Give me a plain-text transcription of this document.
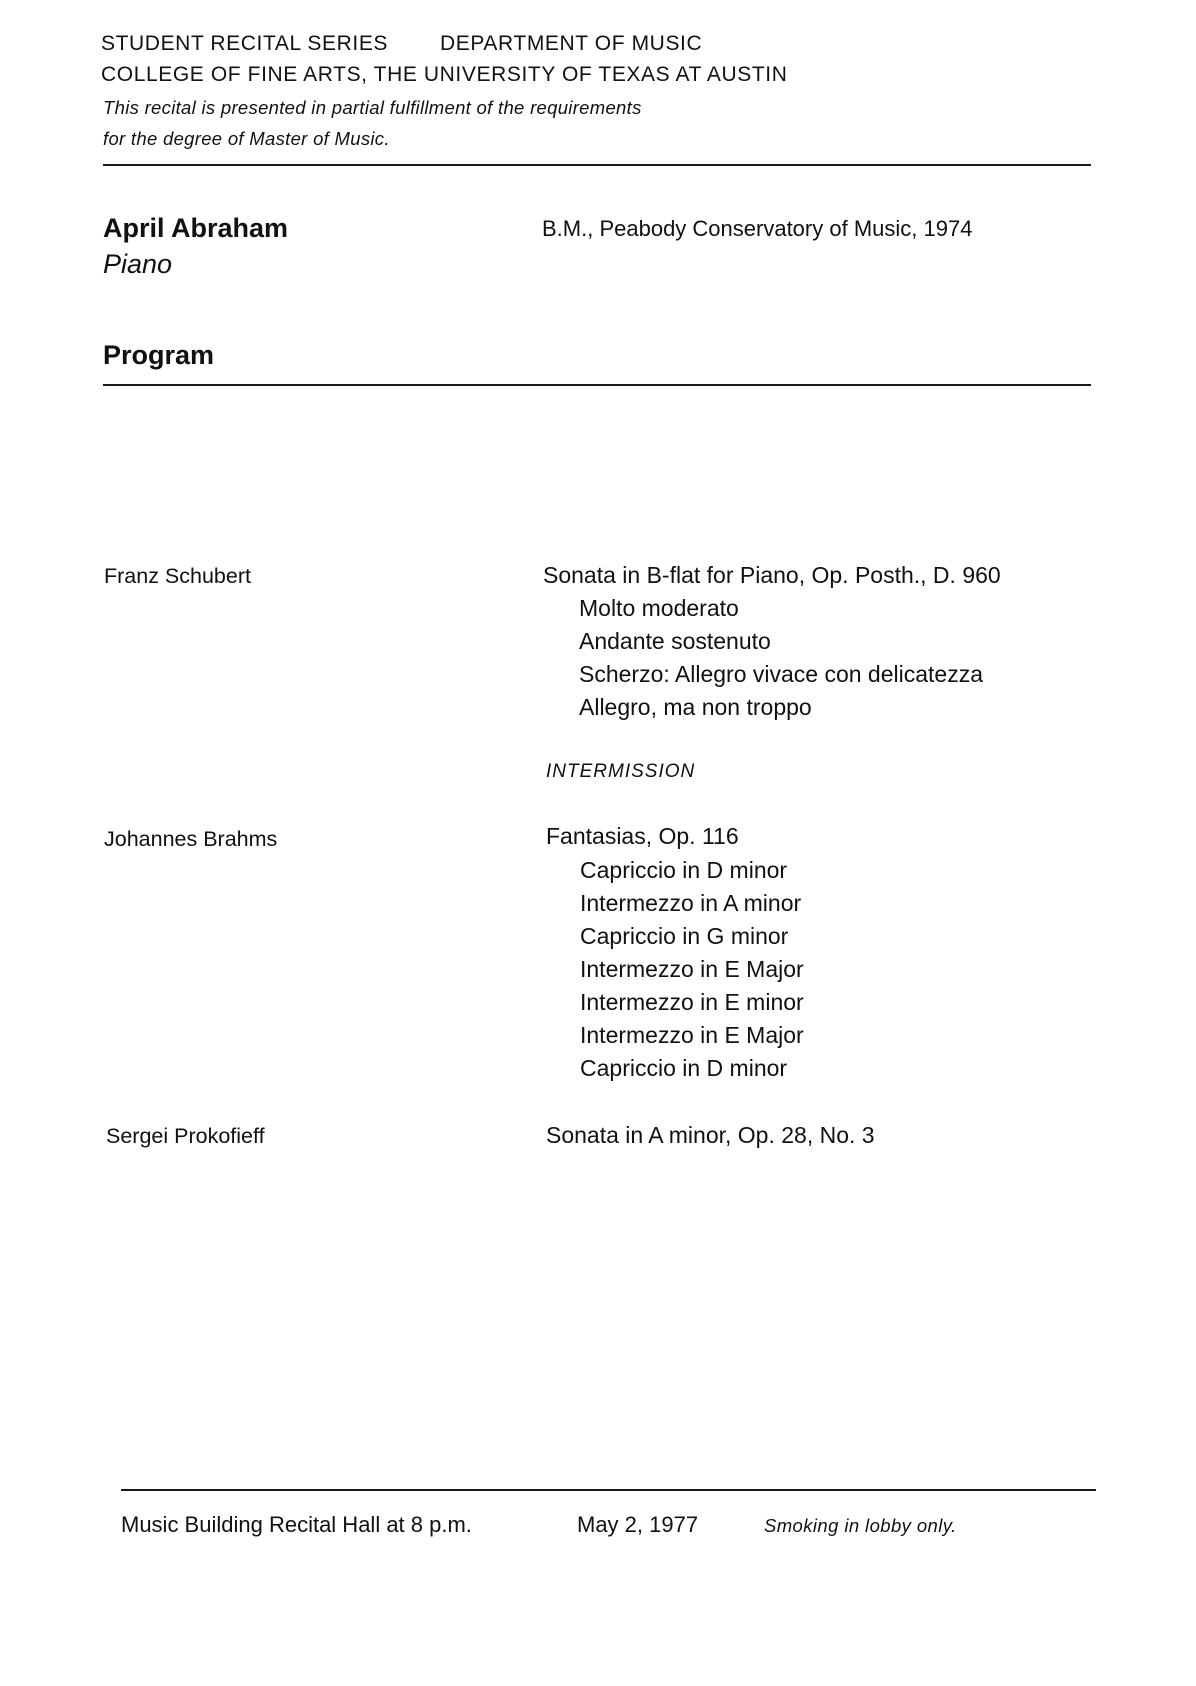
STUDENT RECITAL SERIES DEPARTMENT OF MUSIC
COLLEGE OF FINE ARTS, THE UNIVERSITY OF TEXAS AT AUSTIN
This recital is presented in partial fulfillment of the requirements
for the degree of Master of Music.
April Abraham
Piano
B.M., Peabody Conservatory of Music, 1974
Program
Franz Schubert	Sonata in B-flat for Piano, Op. Posth., D. 960
Molto moderato
Andante sostenuto
Scherzo: Allegro vivace con delicatezza
Allegro, ma non troppo
INTERMISSION
Johannes Brahms	Fantasias, Op. 116
Capriccio in D minor
Intermezzo in A minor
Capriccio in G minor
Intermezzo in E Major
Intermezzo in E minor
Intermezzo in E Major
Capriccio in D minor
Sergei Prokofieff	Sonata in A minor, Op. 28, No. 3
Music Building Recital Hall at 8 p.m.	May 2, 1977	Smoking in lobby only.
